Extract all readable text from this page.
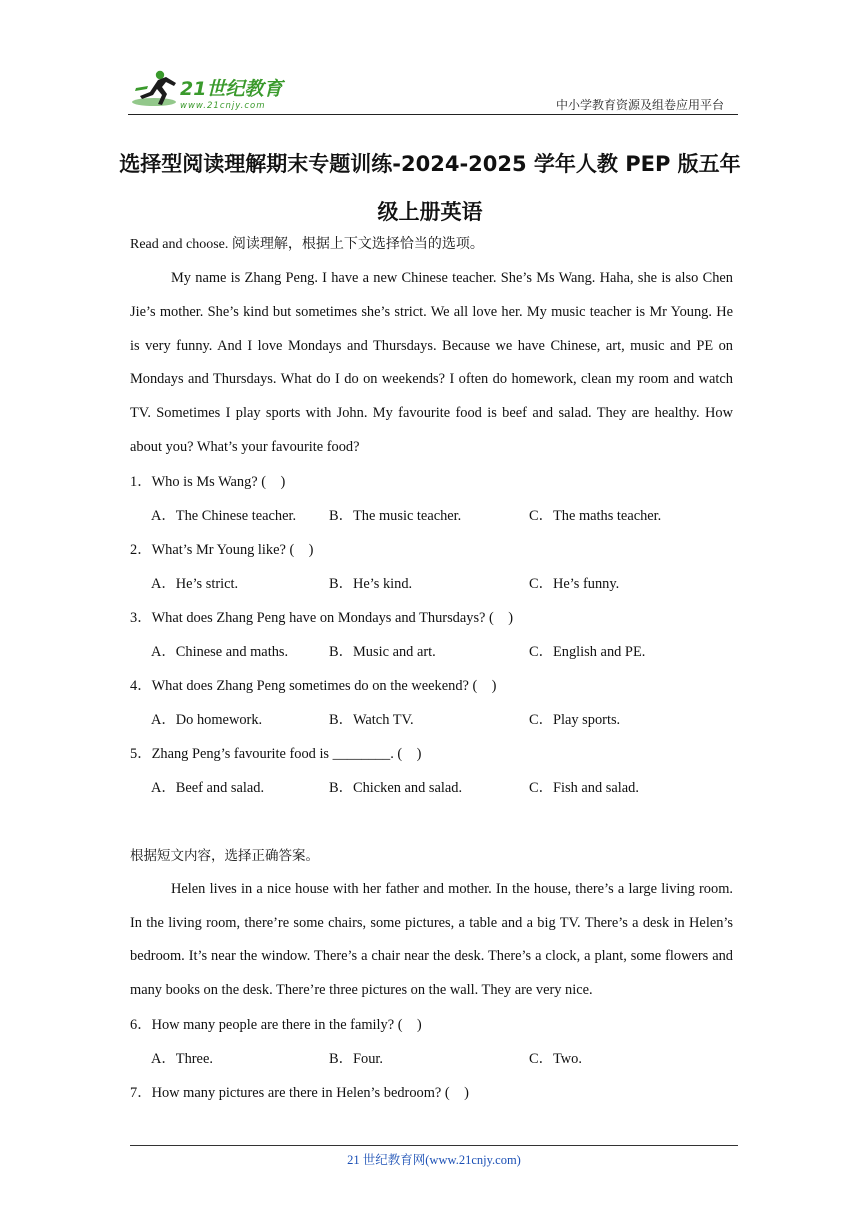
21世纪教育
www.21cnjy.com	中小学教育资源及组卷应用平台
选择型阅读理解期末专题训练-2024-2025 学年人教 PEP 版五年
级上册英语
Read and choose. 阅读理解，根据上下文选择恰当的选项。

My name is Zhang Peng. I have a new Chinese teacher. She’s Ms Wang. Haha, she is also Chen Jie’s mother. She’s kind but sometimes she’s strict. We all love her. My music teacher is Mr Young. He is very funny. And I love Mondays and Thursdays. Because we have Chinese, art, music and PE on Mondays and Thursdays. What do I do on weekends? I often do homework, clean my room and watch TV. Sometimes I play sports with John. My favourite food is beef and salad. They are healthy. How about you? What’s your favourite food?

1．Who is Ms Wang? (    )
A．The Chinese teacher. B．The music teacher.	C．The maths teacher.
2．What’s Mr Young like? (    )
A．He’s strict.	B．He’s kind.	C．He’s funny.
3．What does Zhang Peng have on Mondays and Thursdays? (    )
A．Chinese and maths.	B．Music and art.	C．English and PE.
4．What does Zhang Peng sometimes do on the weekend? (    )
A．Do homework.	B．Watch TV.	C．Play sports.
5．Zhang Peng’s favourite food is ________. (    )
A．Beef and salad.	B．Chicken and salad.	C．Fish and salad.
根据短文内容，选择正确答案。

Helen lives in a nice house with her father and mother. In the house, there’s a large living room. In the living room, there’re some chairs, some pictures, a table and a big TV. There’s a desk in Helen’s bedroom. It’s near the window. There’s a chair near the desk. There’s a clock, a plant, some flowers and many books on the desk. There’re three pictures on the wall. They are very nice.

6．How many people are there in the family? (    )
A．Three.	B．Four.	C．Two.
7．How many pictures are there in Helen’s bedroom? (    )
21 世纪教育网(www.21cnjy.com)
